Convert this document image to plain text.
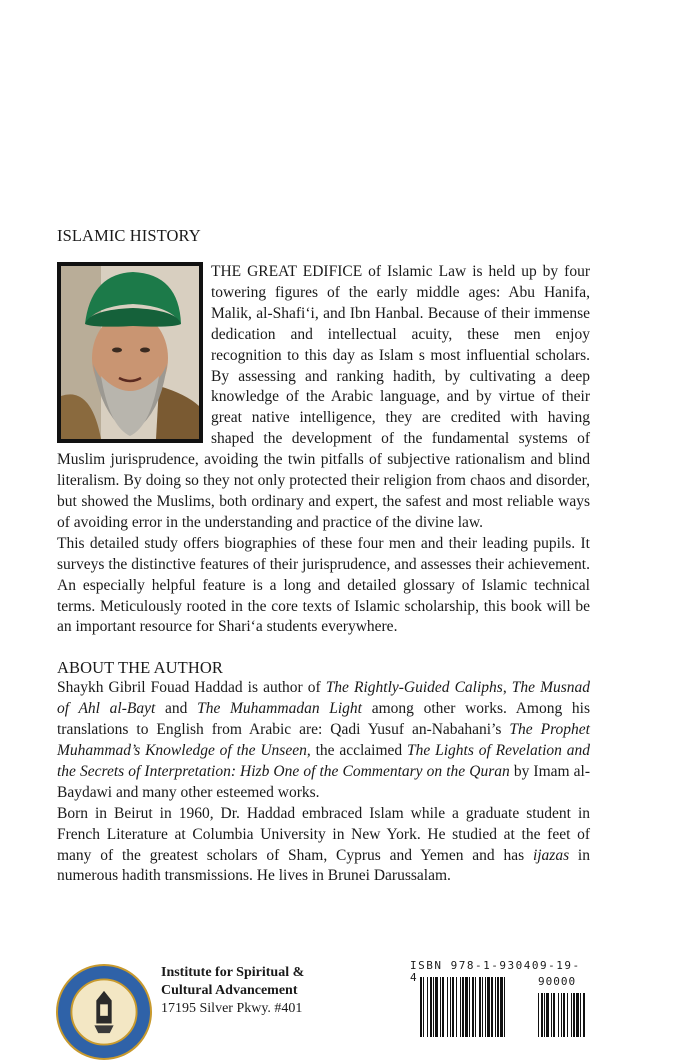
ISLAMIC HISTORY

THE GREAT EDIFICE of Islamic Law is held up by four towering figures of the early middle ages: Abu Hanifa, Malik, al-Shafi‘i, and Ibn Hanbal. Because of their immense dedication and intellectual acuity, these men enjoy recognition to this day as Islam s most influential scholars. By assessing and ranking hadith, by cultivating a deep knowledge of the Arabic language, and by virtue of their great native intelligence, they are credited with having shaped the development of the fundamental systems of Muslim jurisprudence, avoiding the twin pitfalls of subjective rationalism and blind literalism. By doing so they not only protected their religion from chaos and disorder, but showed the Muslims, both ordinary and expert, the safest and most reliable ways of avoiding error in the understanding and practice of the divine law.

This detailed study offers biographies of these four men and their leading pupils. It surveys the distinctive features of their jurisprudence, and assesses their achievement. An especially helpful feature is a long and detailed glossary of Islamic technical terms. Meticulously rooted in the core texts of Islamic scholarship, this book will be an important resource for Shari‘a students everywhere.

ABOUT THE AUTHOR

Shaykh Gibril Fouad Haddad is author of The Rightly-Guided Caliphs, The Musnad of Ahl al-Bayt and The Muhammadan Light among other works. Among his translations to English from Arabic are: Qadi Yusuf an-Nabahani’s The Prophet Muhammad’s Knowledge of the Unseen, the acclaimed The Lights of Revelation and the Secrets of Interpretation: Hizb One of the Commentary on the Quran by Imam al-Baydawi and many other esteemed works.

Born in Beirut in 1960, Dr. Haddad embraced Islam while a graduate student in French Literature at Columbia University in New York. He studied at the feet of many of the greatest scholars of Sham, Cyprus and Yemen and has ijazas in numerous hadith transmissions. He lives in Brunei Darussalam.

Institute for Spiritual &
Cultural Advancement
17195 Silver Pkwy. #401
ISBN 978-1-930409-19-4	90000
